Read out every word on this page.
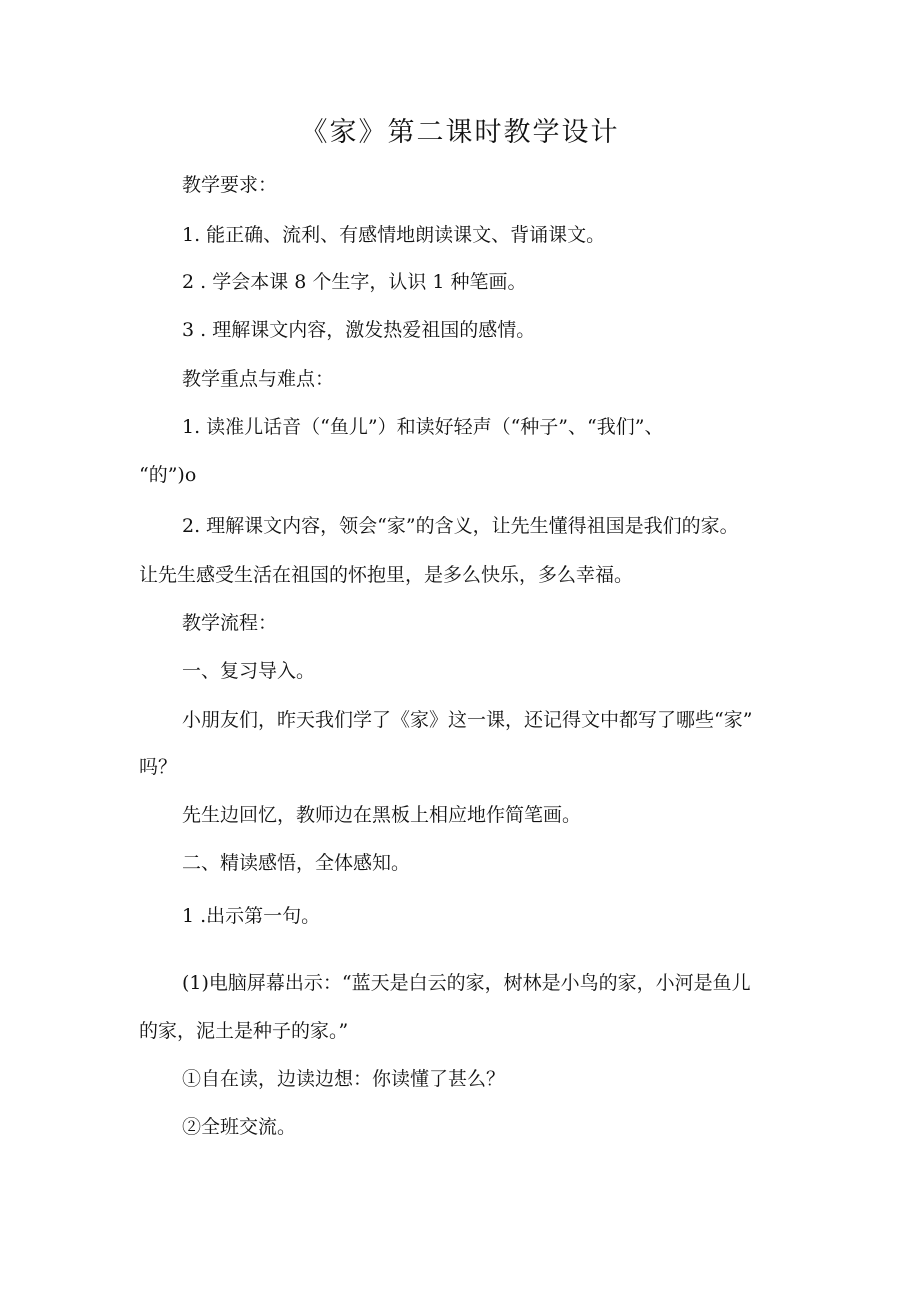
《家》第二课时教学设计
教学要求：
1. 能正确、流利、有感情地朗读课文、背诵课文。
2 . 学会本课 8 个生字，认识 1 种笔画。
3 . 理解课文内容，激发热爱祖国的感情。
教学重点与难点：
1. 读准儿话音（“鱼儿”）和读好轻声（“种子”、“我们”、
“的”)o
2. 理解课文内容，领会“家”的含义，让先生懂得祖国是我们的家。
让先生感受生活在祖国的怀抱里，是多么快乐，多么幸福。
教学流程：
一、复习导入。
小朋友们，昨天我们学了《家》这一课，还记得文中都写了哪些“家”
吗？
先生边回忆，教师边在黑板上相应地作简笔画。
二、精读感悟，全体感知。
1 .出示第一句。
(1)电脑屏幕出示：“蓝天是白云的家，树林是小鸟的家，小河是鱼儿
的家，泥土是种子的家。”
①自在读，边读边想：你读懂了甚么？
②全班交流。
